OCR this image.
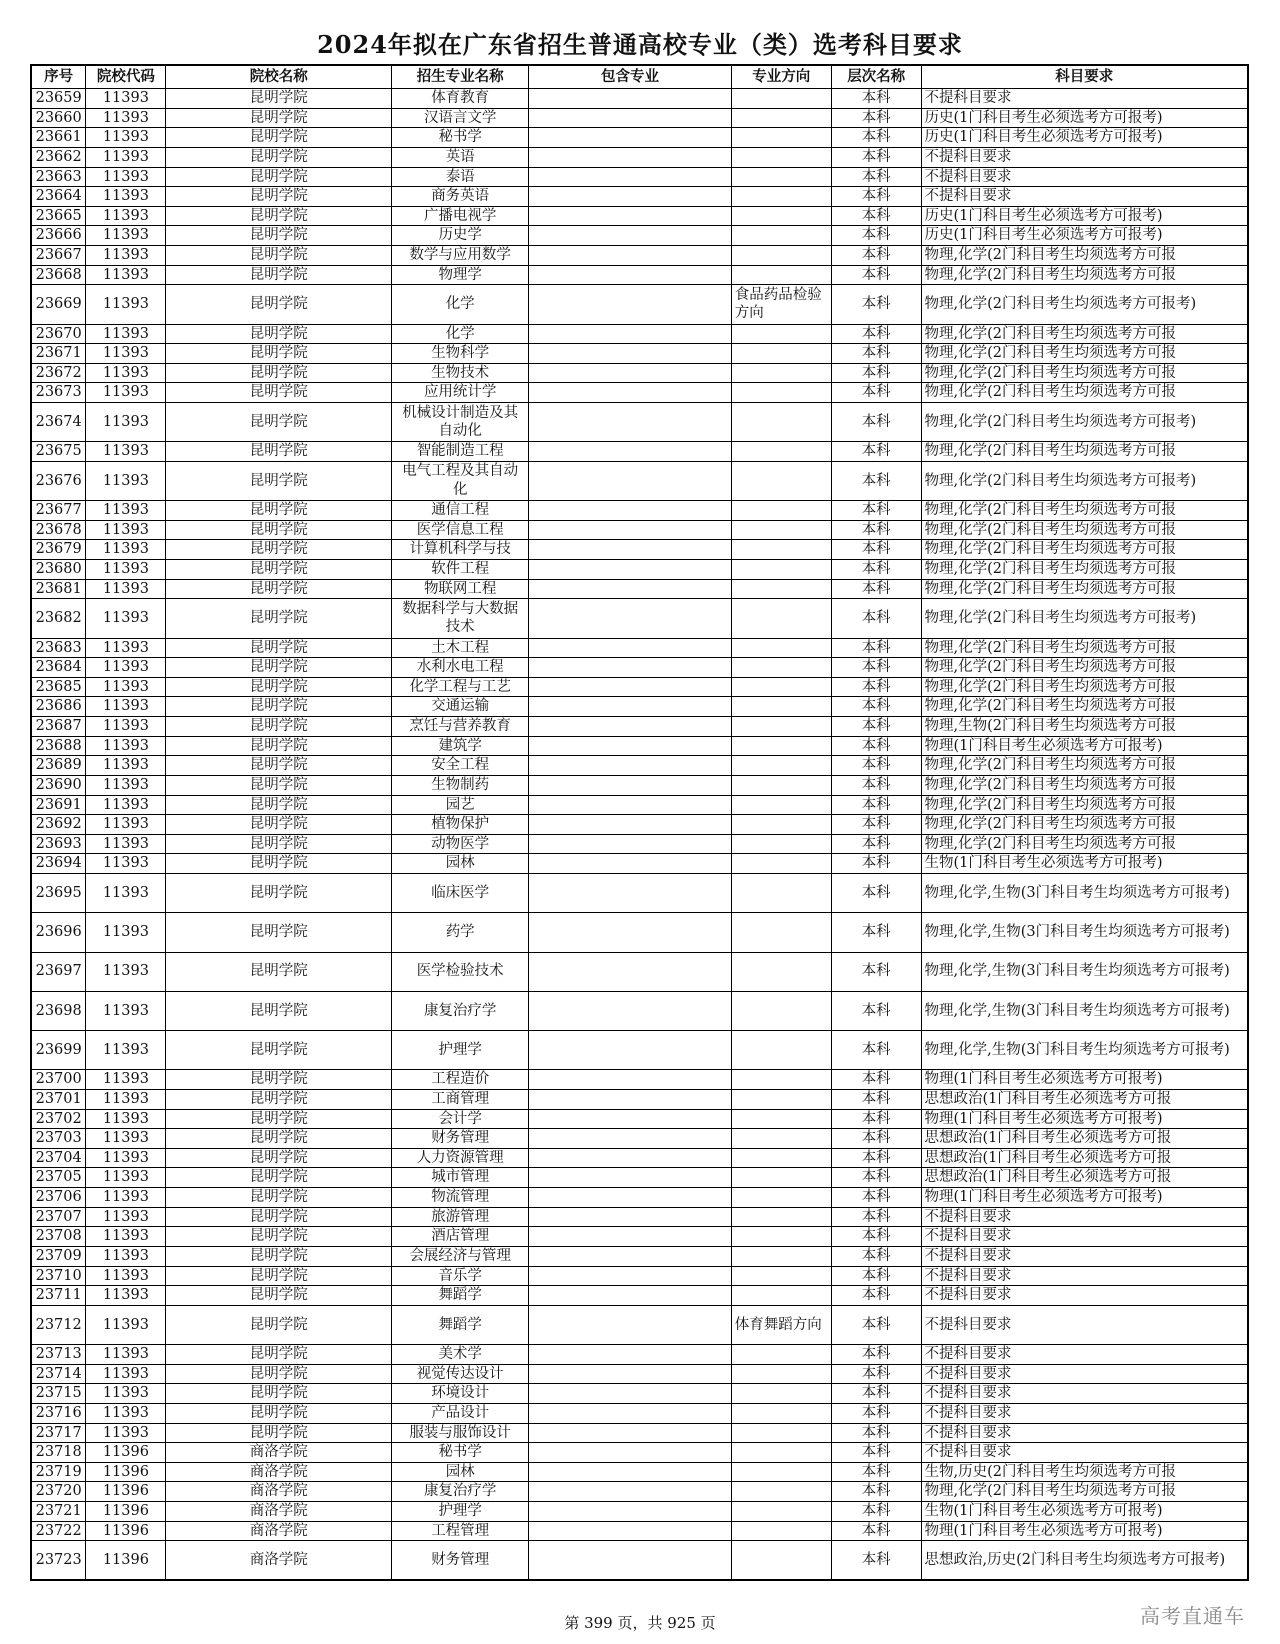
2024年拟在广东省招生普通高校专业（类）选考科目要求
序号	院校代码	院校名称	招生专业名称	包含专业	专业方向	层次名称	科目要求
23659	11393	昆明学院	体育教育			本科	不提科目要求
23660	11393	昆明学院	汉语言文学			本科	历史(1门科目考生必须选考方可报考)
23661	11393	昆明学院	秘书学			本科	历史(1门科目考生必须选考方可报考)
23662	11393	昆明学院	英语			本科	不提科目要求
23663	11393	昆明学院	泰语			本科	不提科目要求
23664	11393	昆明学院	商务英语			本科	不提科目要求
23665	11393	昆明学院	广播电视学			本科	历史(1门科目考生必须选考方可报考)
23666	11393	昆明学院	历史学			本科	历史(1门科目考生必须选考方可报考)
23667	11393	昆明学院	数学与应用数学			本科	物理,化学(2门科目考生均须选考方可报
23668	11393	昆明学院	物理学			本科	物理,化学(2门科目考生均须选考方可报
23669	11393	昆明学院	化学		食品药品检验方向	本科	物理,化学(2门科目考生均须选考方可报考)
23670	11393	昆明学院	化学			本科	物理,化学(2门科目考生均须选考方可报
23671	11393	昆明学院	生物科学			本科	物理,化学(2门科目考生均须选考方可报
23672	11393	昆明学院	生物技术			本科	物理,化学(2门科目考生均须选考方可报
23673	11393	昆明学院	应用统计学			本科	物理,化学(2门科目考生均须选考方可报
23674	11393	昆明学院	机械设计制造及其自动化			本科	物理,化学(2门科目考生均须选考方可报考)
23675	11393	昆明学院	智能制造工程			本科	物理,化学(2门科目考生均须选考方可报
23676	11393	昆明学院	电气工程及其自动化			本科	物理,化学(2门科目考生均须选考方可报考)
23677	11393	昆明学院	通信工程			本科	物理,化学(2门科目考生均须选考方可报
23678	11393	昆明学院	医学信息工程			本科	物理,化学(2门科目考生均须选考方可报
23679	11393	昆明学院	计算机科学与技			本科	物理,化学(2门科目考生均须选考方可报
23680	11393	昆明学院	软件工程			本科	物理,化学(2门科目考生均须选考方可报
23681	11393	昆明学院	物联网工程			本科	物理,化学(2门科目考生均须选考方可报
23682	11393	昆明学院	数据科学与大数据技术			本科	物理,化学(2门科目考生均须选考方可报考)
23683	11393	昆明学院	土木工程			本科	物理,化学(2门科目考生均须选考方可报
23684	11393	昆明学院	水利水电工程			本科	物理,化学(2门科目考生均须选考方可报
23685	11393	昆明学院	化学工程与工艺			本科	物理,化学(2门科目考生均须选考方可报
23686	11393	昆明学院	交通运输			本科	物理,化学(2门科目考生均须选考方可报
23687	11393	昆明学院	烹饪与营养教育			本科	物理,生物(2门科目考生均须选考方可报
23688	11393	昆明学院	建筑学			本科	物理(1门科目考生必须选考方可报考)
23689	11393	昆明学院	安全工程			本科	物理,化学(2门科目考生均须选考方可报
23690	11393	昆明学院	生物制药			本科	物理,化学(2门科目考生均须选考方可报
23691	11393	昆明学院	园艺			本科	物理,化学(2门科目考生均须选考方可报
23692	11393	昆明学院	植物保护			本科	物理,化学(2门科目考生均须选考方可报
23693	11393	昆明学院	动物医学			本科	物理,化学(2门科目考生均须选考方可报
23694	11393	昆明学院	园林			本科	生物(1门科目考生必须选考方可报考)
23695	11393	昆明学院	临床医学			本科	物理,化学,生物(3门科目考生均须选考方可报考)
23696	11393	昆明学院	药学			本科	物理,化学,生物(3门科目考生均须选考方可报考)
23697	11393	昆明学院	医学检验技术			本科	物理,化学,生物(3门科目考生均须选考方可报考)
23698	11393	昆明学院	康复治疗学			本科	物理,化学,生物(3门科目考生均须选考方可报考)
23699	11393	昆明学院	护理学			本科	物理,化学,生物(3门科目考生均须选考方可报考)
23700	11393	昆明学院	工程造价			本科	物理(1门科目考生必须选考方可报考)
23701	11393	昆明学院	工商管理			本科	思想政治(1门科目考生必须选考方可报
23702	11393	昆明学院	会计学			本科	物理(1门科目考生必须选考方可报考)
23703	11393	昆明学院	财务管理			本科	思想政治(1门科目考生必须选考方可报
23704	11393	昆明学院	人力资源管理			本科	思想政治(1门科目考生必须选考方可报
23705	11393	昆明学院	城市管理			本科	思想政治(1门科目考生必须选考方可报
23706	11393	昆明学院	物流管理			本科	物理(1门科目考生必须选考方可报考)
23707	11393	昆明学院	旅游管理			本科	不提科目要求
23708	11393	昆明学院	酒店管理			本科	不提科目要求
23709	11393	昆明学院	会展经济与管理			本科	不提科目要求
23710	11393	昆明学院	音乐学			本科	不提科目要求
23711	11393	昆明学院	舞蹈学			本科	不提科目要求
23712	11393	昆明学院	舞蹈学		体育舞蹈方向	本科	不提科目要求
23713	11393	昆明学院	美术学			本科	不提科目要求
23714	11393	昆明学院	视觉传达设计			本科	不提科目要求
23715	11393	昆明学院	环境设计			本科	不提科目要求
23716	11393	昆明学院	产品设计			本科	不提科目要求
23717	11393	昆明学院	服装与服饰设计			本科	不提科目要求
23718	11396	商洛学院	秘书学			本科	不提科目要求
23719	11396	商洛学院	园林			本科	生物,历史(2门科目考生均须选考方可报
23720	11396	商洛学院	康复治疗学			本科	物理,化学(2门科目考生均须选考方可报
23721	11396	商洛学院	护理学			本科	生物(1门科目考生必须选考方可报考)
23722	11396	商洛学院	工程管理			本科	物理(1门科目考生必须选考方可报考)
23723	11396	商洛学院	财务管理			本科	思想政治,历史(2门科目考生均须选考方可报考)
第 399 页，共 925 页	高考直通车
